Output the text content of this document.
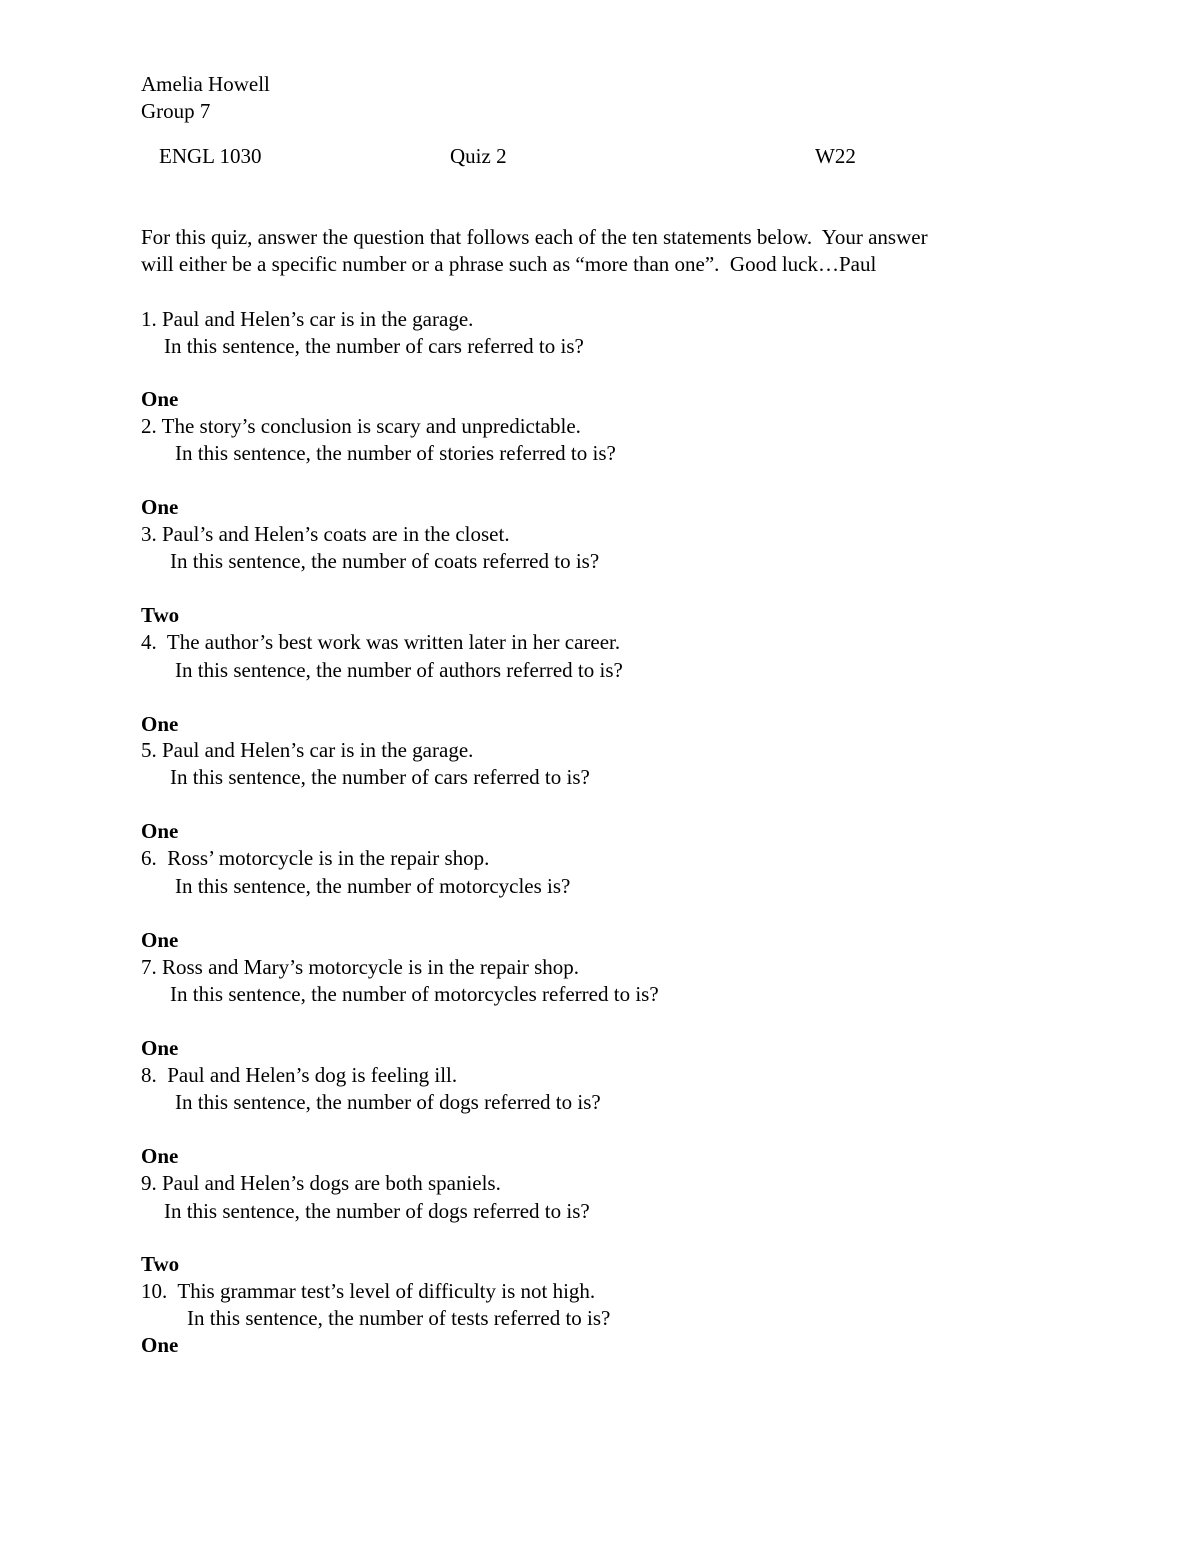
Amelia Howell
Group 7
ENGL 1030	Quiz 2	W22
For this quiz, answer the question that follows each of the ten statements below.  Your answer
will either be a specific number or a phrase such as “more than one”.  Good luck…Paul
1. Paul and Helen’s car is in the garage.
In this sentence, the number of cars referred to is?
One
2. The story’s conclusion is scary and unpredictable.
In this sentence, the number of stories referred to is?
One
3. Paul’s and Helen’s coats are in the closet.
In this sentence, the number of coats referred to is?
Two
4.  The author’s best work was written later in her career.
In this sentence, the number of authors referred to is?
One
5. Paul and Helen’s car is in the garage.
In this sentence, the number of cars referred to is?
One
6.  Ross’ motorcycle is in the repair shop.
In this sentence, the number of motorcycles is?
One
7. Ross and Mary’s motorcycle is in the repair shop.
In this sentence, the number of motorcycles referred to is?
One
8.  Paul and Helen’s dog is feeling ill.
In this sentence, the number of dogs referred to is?
One
9. Paul and Helen’s dogs are both spaniels.
In this sentence, the number of dogs referred to is?
Two
10.  This grammar test’s level of difficulty is not high.
In this sentence, the number of tests referred to is?
One
